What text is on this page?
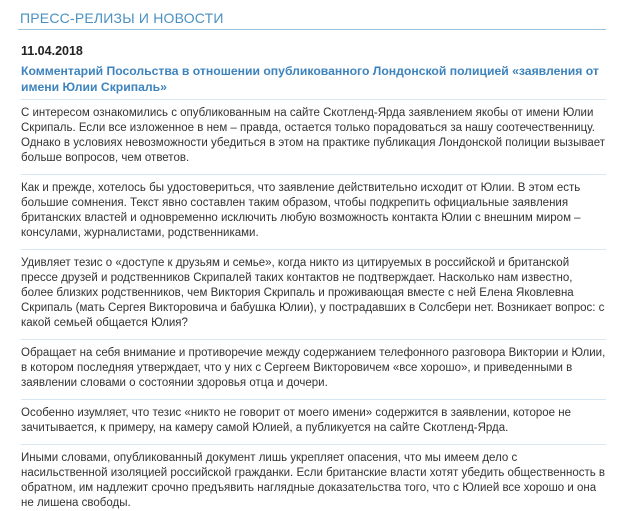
ПРЕСС-РЕЛИЗЫ И НОВОСТИ
11.04.2018
Комментарий Посольства в отношении опубликованного Лондонской полицией «заявления от имени Юлии Скрипаль»

С интересом ознакомились с опубликованным на сайте Скотленд-Ярда заявлением якобы от имени Юлии Скрипаль. Если все изложенное в нем – правда, остается только порадоваться за нашу соотечественницу. Однако в условиях невозможности убедиться в этом на практике публикация Лондонской полиции вызывает больше вопросов, чем ответов.

Как и прежде, хотелось бы удостовериться, что заявление действительно исходит от Юлии. В этом есть большие сомнения. Текст явно составлен таким образом, чтобы подкрепить официальные заявления британских властей и одновременно исключить любую возможность контакта Юлии с внешним миром – консулами, журналистами, родственниками.

Удивляет тезис о «доступе к друзьям и семье», когда никто из цитируемых в российской и британской прессе друзей и родственников Скрипалей таких контактов не подтверждает. Насколько нам известно, более близких родственников, чем Виктория Скрипаль и проживающая вместе с ней Елена Яковлевна Скрипаль (мать Сергея Викторовича и бабушка Юлии), у пострадавших в Солсбери нет. Возникает вопрос: с какой семьей общается Юлия?

Обращает на себя внимание и противоречие между содержанием телефонного разговора Виктории и Юлии, в котором последняя утверждает, что у них с Сергеем Викторовичем «все хорошо», и приведенными в заявлении словами о состоянии здоровья отца и дочери.

Особенно изумляет, что тезис «никто не говорит от моего имени» содержится в заявлении, которое не зачитывается, к примеру, на камеру самой Юлией, а публикуется на сайте Скотленд-Ярда.

Иными словами, опубликованный документ лишь укрепляет опасения, что мы имеем дело с насильственной изоляцией российской гражданки. Если британские власти хотят убедить общественность в обратном, им надлежит срочно предъявить наглядные доказательства того, что с Юлией все хорошо и она не лишена свободы.
